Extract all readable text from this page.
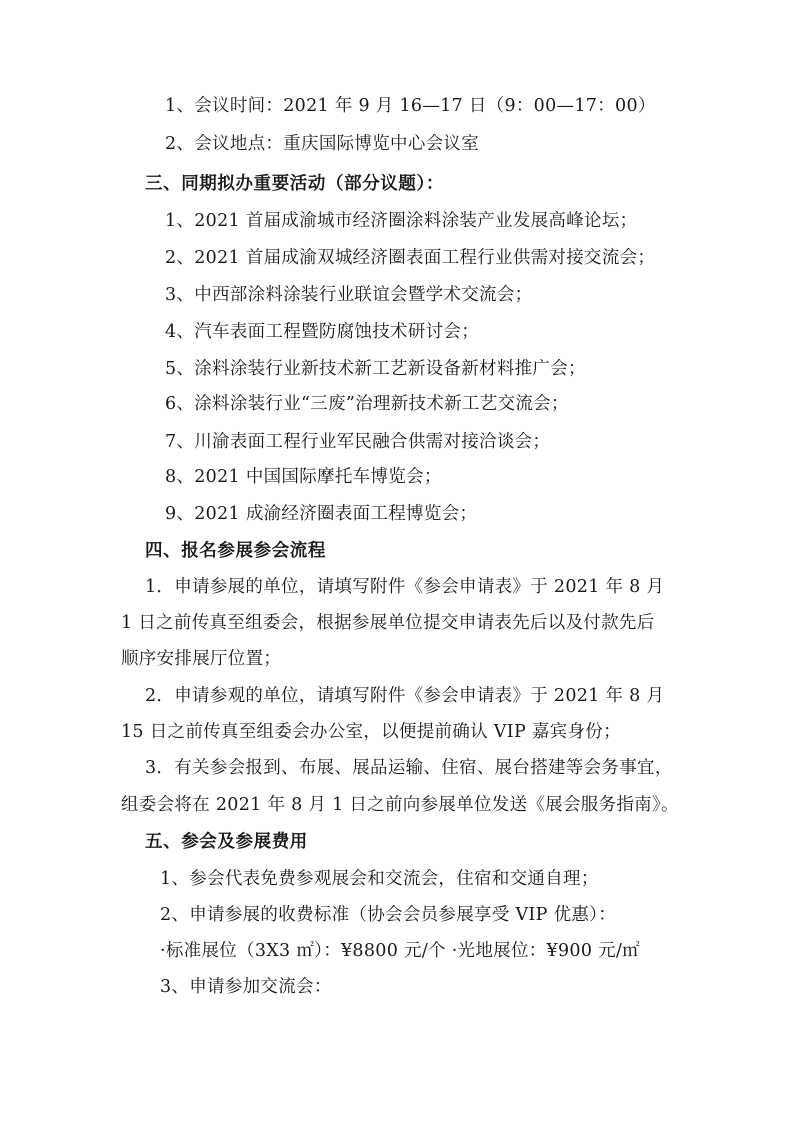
1、会议时间：2021 年 9 月 16—17 日（9：00—17：00）
2、会议地点：重庆国际博览中心会议室
三、同期拟办重要活动（部分议题）：
1、2021 首届成渝城市经济圈涂料涂装产业发展高峰论坛；
2、2021 首届成渝双城经济圈表面工程行业供需对接交流会；
3、中西部涂料涂装行业联谊会暨学术交流会；
4、汽车表面工程暨防腐蚀技术研讨会；
5、涂料涂装行业新技术新工艺新设备新材料推广会；
6、涂料涂装行业“三废”治理新技术新工艺交流会；
7、川渝表面工程行业军民融合供需对接洽谈会；
8、2021 中国国际摩托车博览会；
9、2021 成渝经济圈表面工程博览会；
四、报名参展参会流程
1．申请参展的单位，请填写附件《参会申请表》于 2021 年 8 月
1 日之前传真至组委会，根据参展单位提交申请表先后以及付款先后
顺序安排展厅位置；
2．申请参观的单位，请填写附件《参会申请表》于 2021 年 8 月
15 日之前传真至组委会办公室，以便提前确认 VIP 嘉宾身份；
3．有关参会报到、布展、展品运输、住宿、展台搭建等会务事宜，
组委会将在 2021 年 8 月 1 日之前向参展单位发送《展会服务指南》。
五、参会及参展费用
1、参会代表免费参观展会和交流会，住宿和交通自理；
2、申请参展的收费标准（协会会员参展享受 VIP 优惠）：
·标准展位（3X3 ㎡）：¥8800 元/个 ·光地展位：¥900 元/㎡
3、申请参加交流会：
